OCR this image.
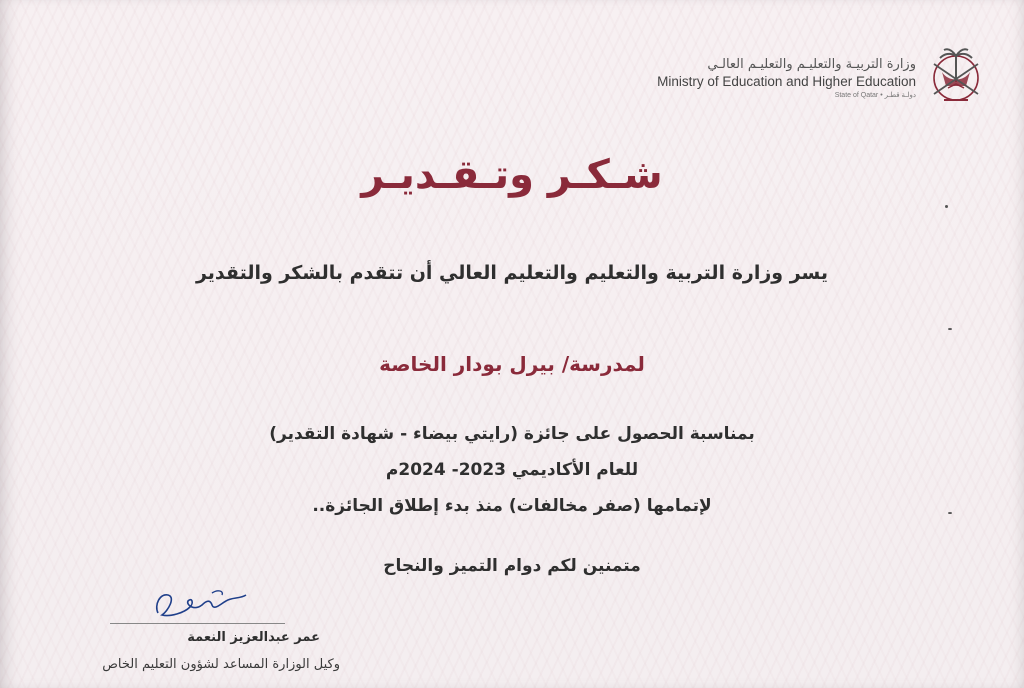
وزارة التربيـة والتعليـم والتعليـم العالـي
Ministry of Education and Higher Education
State of Qatar • دولـة قطـر
شـكـر وتـقـديـر
يسر وزارة التربية والتعليم والتعليم العالي أن تتقدم بالشكر والتقدير
لمدرسة/ بيرل بودار الخاصة
بمناسبة الحصول على جائزة (رايتي بيضاء - شهادة التقدير)
للعام الأكاديمي 2023- 2024م
لإتمامها (صفر مخالفات) منذ بدء إطلاق الجائزة..
متمنين لكم دوام التميز والنجاح
عمر عبدالعزيز النعمة
وكيل الوزارة المساعد لشؤون التعليم الخاص
